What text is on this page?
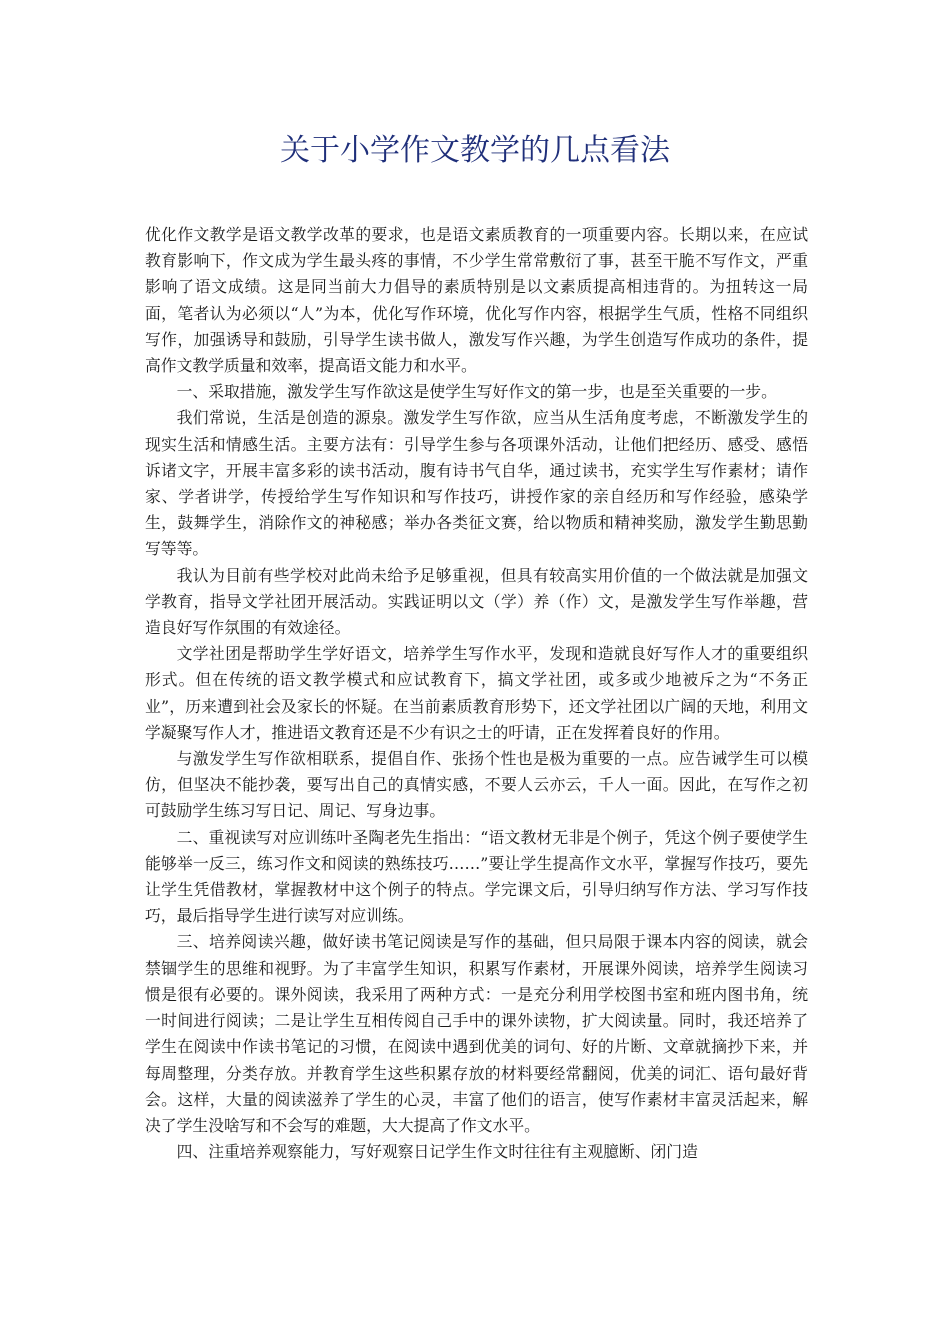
关于小学作文教学的几点看法

优化作文教学是语文教学改革的要求，也是语文素质教育的一项重要内容。长期以来，在应试教育影响下，作文成为学生最头疼的事情，不少学生常常敷衍了事，甚至干脆不写作文，严重影响了语文成绩。这是同当前大力倡导的素质特别是以文素质提高相违背的。为扭转这一局面，笔者认为必须以“人”为本，优化写作环境，优化写作内容，根据学生气质，性格不同组织写作，加强诱导和鼓励，引导学生读书做人，激发写作兴趣，为学生创造写作成功的条件，提高作文教学质量和效率，提高语文能力和水平。

一、采取措施，激发学生写作欲这是使学生写好作文的第一步，也是至关重要的一步。

我们常说，生活是创造的源泉。激发学生写作欲，应当从生活角度考虑，不断激发学生的现实生活和情感生活。主要方法有：引导学生参与各项课外活动，让他们把经历、感受、感悟诉诸文字，开展丰富多彩的读书活动，腹有诗书气自华，通过读书，充实学生写作素材；请作家、学者讲学，传授给学生写作知识和写作技巧，讲授作家的亲自经历和写作经验，感染学生，鼓舞学生，消除作文的神秘感；举办各类征文赛，给以物质和精神奖励，激发学生勤思勤写等等。

我认为目前有些学校对此尚未给予足够重视，但具有较高实用价值的一个做法就是加强文学教育，指导文学社团开展活动。实践证明以文（学）养（作）文，是激发学生写作举趣，营造良好写作氛围的有效途径。

文学社团是帮助学生学好语文，培养学生写作水平，发现和造就良好写作人才的重要组织形式。但在传统的语文教学模式和应试教育下，搞文学社团，或多或少地被斥之为“不务正业”，历来遭到社会及家长的怀疑。在当前素质教育形势下，还文学社团以广阔的天地，利用文学凝聚写作人才，推进语文教育还是不少有识之士的吁请，正在发挥着良好的作用。

与激发学生写作欲相联系，提倡自作、张扬个性也是极为重要的一点。应告诫学生可以模仿，但坚决不能抄袭，要写出自己的真情实感，不要人云亦云，千人一面。因此，在写作之初可鼓励学生练习写日记、周记、写身边事。

二、重视读写对应训练叶圣陶老先生指出：“语文教材无非是个例子，凭这个例子要使学生能够举一反三，练习作文和阅读的熟练技巧……”要让学生提高作文水平，掌握写作技巧，要先让学生凭借教材，掌握教材中这个例子的特点。学完课文后，引导归纳写作方法、学习写作技巧，最后指导学生进行读写对应训练。

三、培养阅读兴趣，做好读书笔记阅读是写作的基础，但只局限于课本内容的阅读，就会禁锢学生的思维和视野。为了丰富学生知识，积累写作素材，开展课外阅读，培养学生阅读习惯是很有必要的。课外阅读，我采用了两种方式：一是充分利用学校图书室和班内图书角，统一时间进行阅读；二是让学生互相传阅自己手中的课外读物，扩大阅读量。同时，我还培养了学生在阅读中作读书笔记的习惯，在阅读中遇到优美的词句、好的片断、文章就摘抄下来，并每周整理，分类存放。并教育学生这些积累存放的材料要经常翻阅，优美的词汇、语句最好背会。这样，大量的阅读滋养了学生的心灵，丰富了他们的语言，使写作素材丰富灵活起来，解决了学生没啥写和不会写的难题，大大提高了作文水平。

四、注重培养观察能力，写好观察日记学生作文时往往有主观臆断、闭门造
